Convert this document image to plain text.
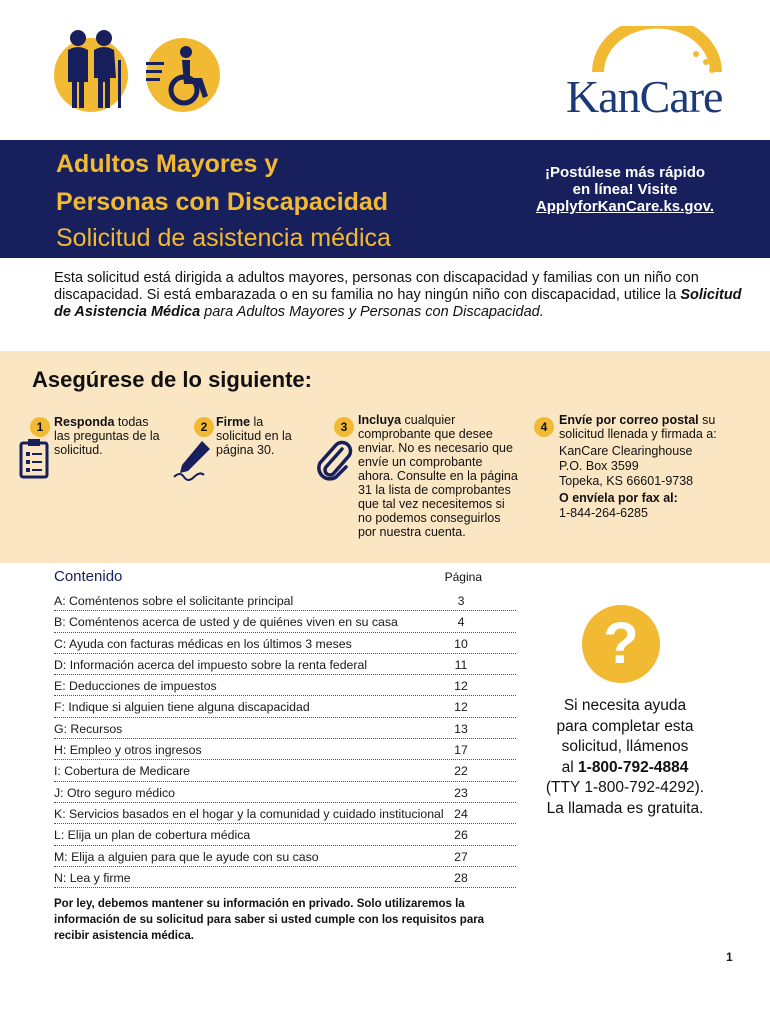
KanCare
Adultos Mayores y
Personas con Discapacidad
Solicitud de asistencia médica
¡Postúlese más rápido
en línea! Visite
ApplyforKanCare.ks.gov.
Esta solicitud está dirigida a adultos mayores, personas con discapacidad y familias con un niño con discapacidad. Si está embarazada o en su familia no hay ningún niño con discapacidad, utilice la Solicitud de Asistencia Médica para Adultos Mayores y Personas con Discapacidad.
Asegúrese de lo siguiente:
1 Responda todas las preguntas de la solicitud.
2 Firme la solicitud en la página 30.
3 Incluya cualquier comprobante que desee enviar. No es necesario que envíe un comprobante ahora. Consulte en la página 31 la lista de comprobantes que tal vez necesitemos si no podemos conseguirlos por nuestra cuenta.
4 Envíe por correo postal su solicitud llenada y firmada a:
KanCare Clearinghouse
P.O. Box 3599
Topeka, KS 66601-9738
O envíela por fax al:
1-844-264-6285
Contenido	Página
A: Coméntenos sobre el solicitante principal	3
B: Coméntenos acerca de usted y de quiénes viven en su casa	4
C: Ayuda con facturas médicas en los últimos 3 meses	10
D: Información acerca del impuesto sobre la renta federal	11
E: Deducciones de impuestos	12
F: Indique si alguien tiene alguna discapacidad	12
G: Recursos	13
H: Empleo y otros ingresos	17
I: Cobertura de Medicare	22
J: Otro seguro médico	23
K: Servicios basados en el hogar y la comunidad y cuidado institucional 24
L: Elija un plan de cobertura médica	26
M: Elija a alguien para que le ayude con su caso	27
N: Lea y firme	28
Por ley, debemos mantener su información en privado. Solo utilizaremos la información de su solicitud para saber si usted cumple con los requisitos para recibir asistencia médica.
?
Si necesita ayuda
para completar esta
solicitud, llámenos
al 1-800-792-4884
(TTY 1-800-792-4292).
La llamada es gratuita.
1
